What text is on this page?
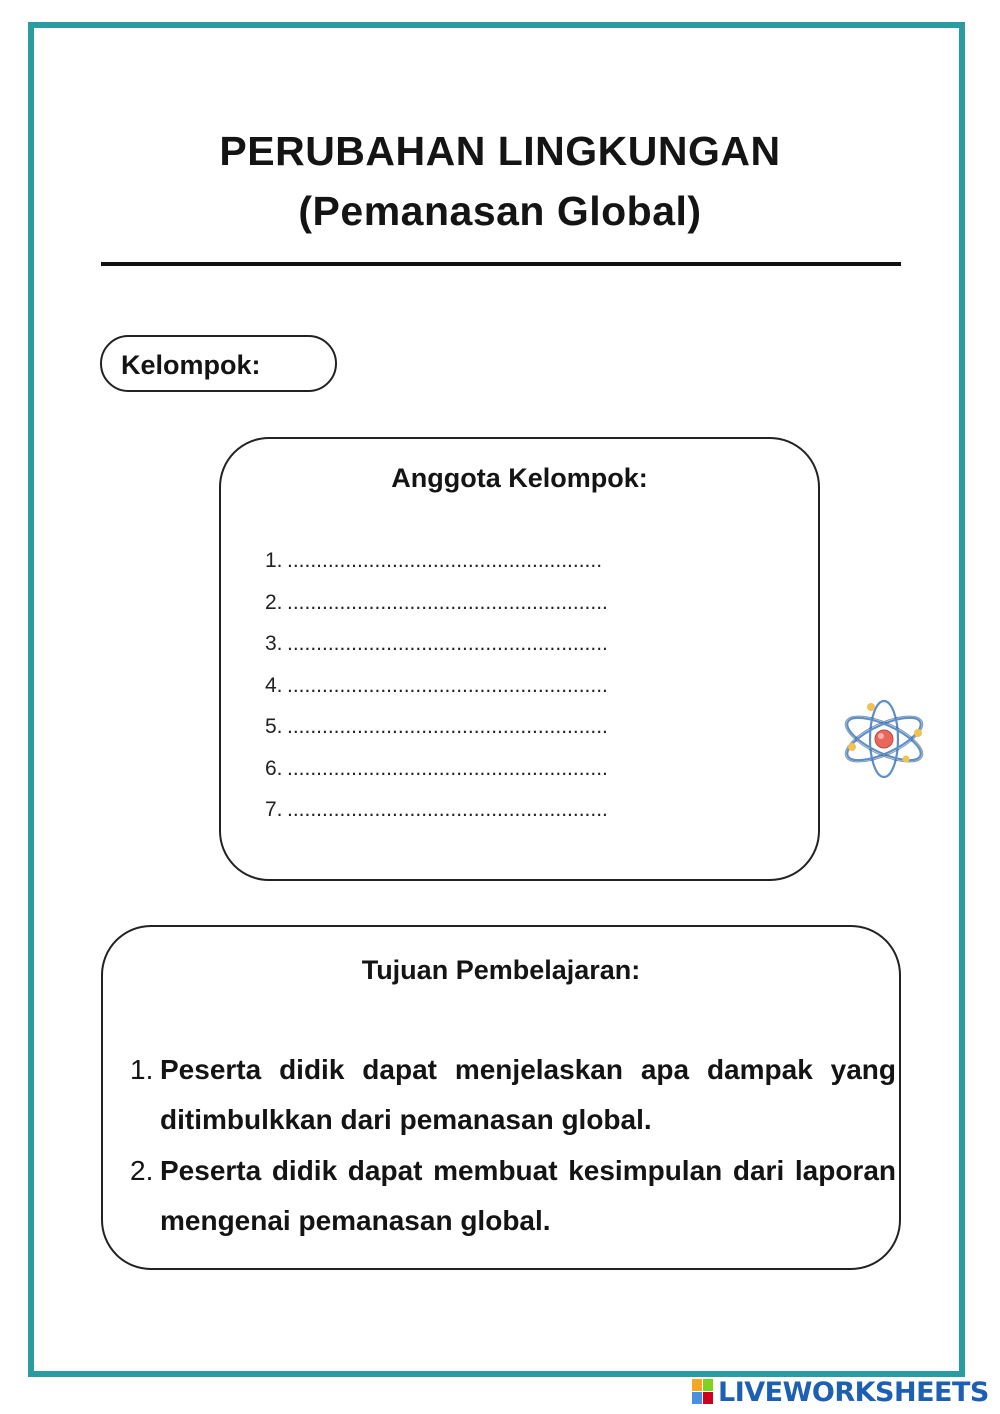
PERUBAHAN LINGKUNGAN
(Pemanasan Global)
Kelompok:
Anggota Kelompok:
1. ......................................................
2. .......................................................
3. .......................................................
4. .......................................................
5. .......................................................
6. .......................................................
7. .......................................................
Tujuan Pembelajaran:
1. Peserta didik dapat menjelaskan apa dampak yang ditimbulkkan dari pemanasan global.
2. Peserta didik dapat membuat kesimpulan dari laporan mengenai pemanasan global.
LIVEWORKSHEETS
